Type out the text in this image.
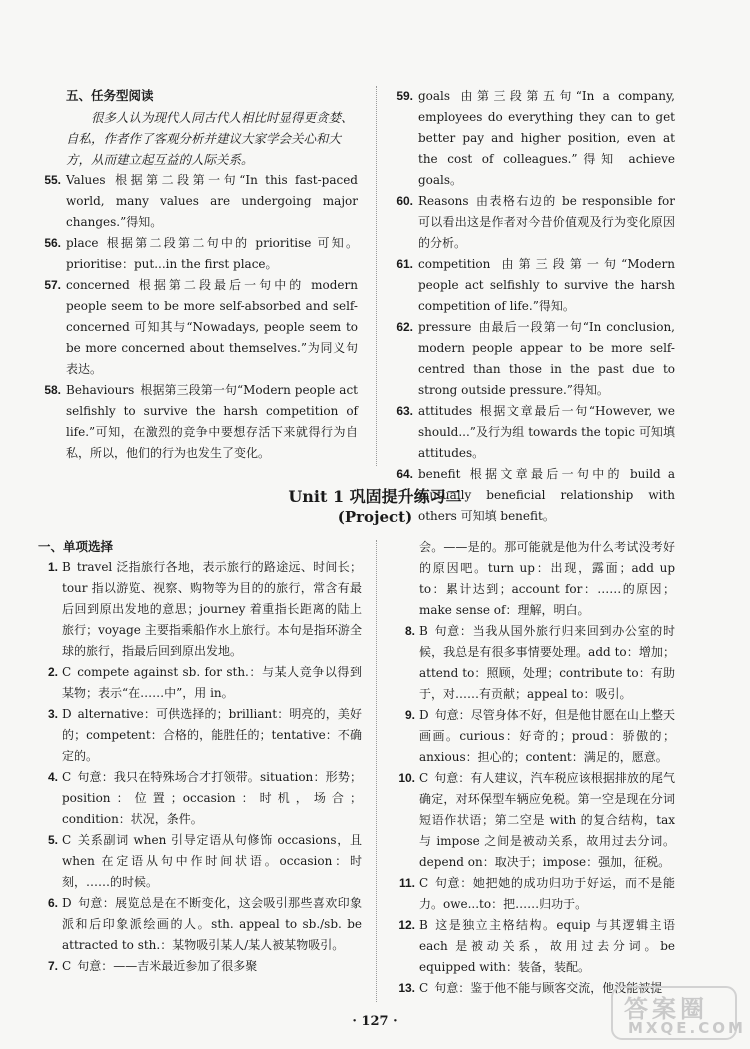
五、任务型阅读

很多人认为现代人同古代人相比时显得更贪婪、自私，作者作了客观分析并建议大家学会关心和大方，从而建立起互益的人际关系。

55. Values 根据第二段第一句“In this fast-paced world, many values are undergoing major changes.”得知。

56. place 根据第二段第二句中的 prioritise 可知。prioritise：put...in the first place。

57. concerned 根据第二段最后一句中的 modern people seem to be more self-absorbed and self-concerned 可知其与“Nowadays, people seem to be more concerned about themselves.”为同义句表达。

58. Behaviours 根据第三段第一句“Modern people act selfishly to survive the harsh competition of life.”可知，在激烈的竞争中要想存活下来就得行为自私，所以，他们的行为也发生了变化。

59. goals 由第三段第五句“In a company, employees do everything they can to get better pay and higher position, even at the cost of colleagues.”得知 achieve goals。

60. Reasons 由表格右边的 be responsible for 可以看出这是作者对今昔价值观及行为变化原因的分析。

61. competition 由第三段第一句“Modern people act selfishly to survive the harsh competition of life.”得知。

62. pressure 由最后一段第一句“In conclusion, modern people appear to be more self-centred than those in the past due to strong outside pressure.”得知。

63. attitudes 根据文章最后一句“However, we should...”及行为组 towards the topic 可知填 attitudes。

64. benefit 根据文章最后一句中的 build a mutually beneficial relationship with others 可知填 benefit。

Unit 1 巩固提升练习二
(Project)
一、单项选择

1. B travel 泛指旅行各地，表示旅行的路途远、时间长；tour 指以游览、视察、购物等为目的的旅行，常含有最后回到原出发地的意思；journey 着重指长距离的陆上旅行；voyage 主要指乘船作水上旅行。本句是指环游全球的旅行，指最后回到原出发地。

2. C compete against sb. for sth.：与某人竞争以得到某物；表示“在……中”，用 in。

3. D alternative：可供选择的；brilliant：明亮的，美好的；competent：合格的，能胜任的；tentative：不确定的。

4. C 句意：我只在特殊场合才打领带。situation：形势；position：位置；occasion：时机，场合；condition：状况，条件。

5. C 关系副词 when 引导定语从句修饰 occasions，且 when 在定语从句中作时间状语。occasion：时刻，……的时候。

6. D 句意：展览总是在不断变化，这会吸引那些喜欢印象派和后印象派绘画的人。sth. appeal to sb./sb. be attracted to sth.：某物吸引某人/某人被某物吸引。

7. C 句意：——吉米最近参加了很多聚

会。——是的。那可能就是他为什么考试没考好的原因吧。turn up：出现，露面；add up to：累计达到；account for：……的原因；make sense of：理解，明白。

8. B 句意：当我从国外旅行归来回到办公室的时候，我总是有很多事情要处理。add to：增加；attend to：照顾，处理；contribute to：有助于，对……有贡献；appeal to：吸引。

9. D 句意：尽管身体不好，但是他甘愿在山上整天画画。curious：好奇的；proud：骄傲的；anxious：担心的；content：满足的，愿意。

10. C 句意：有人建议，汽车税应该根据排放的尾气确定，对环保型车辆应免税。第一空是现在分词短语作状语；第二空是 with 的复合结构，tax 与 impose 之间是被动关系，故用过去分词。depend on：取决于；impose：强加，征税。

11. C 句意：她把她的成功归功于好运，而不是能力。owe...to：把……归功于。

12. B 这是独立主格结构。equip 与其逻辑主语 each 是被动关系，故用过去分词。be equipped with：装备，装配。

13. C 句意：鉴于他不能与顾客交流，他没能被提

· 127 ·	答案圈
MXQE.COM
